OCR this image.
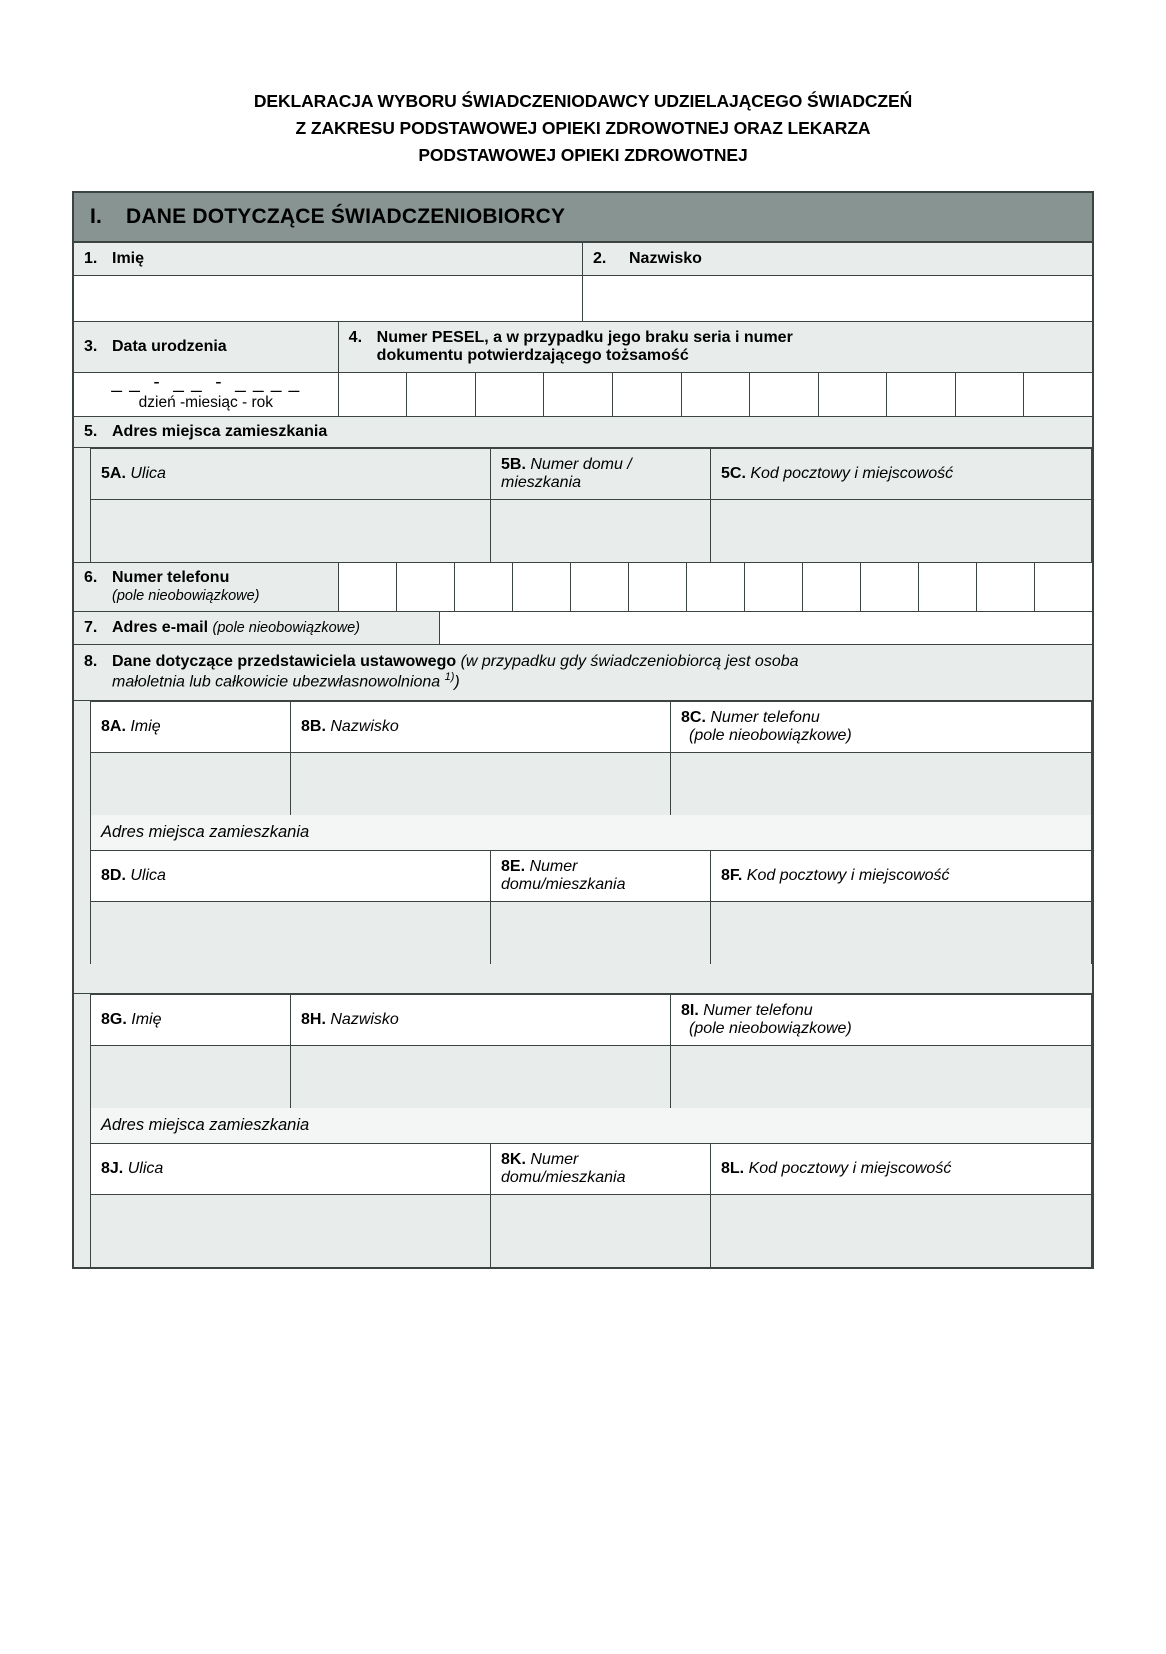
DEKLARACJA WYBORU ŚWIADCZENIODAWCY UDZIELAJĄCEGO ŚWIADCZEŃ
Z ZAKRESU PODSTAWOWEJ OPIEKI ZDROWOTNEJ ORAZ LEKARZA
PODSTAWOWEJ OPIEKI ZDROWOTNEJ
I.	DANE DOTYCZĄCE ŚWIADCZENIOBIORCY
1. Imię	2. Nazwisko
3. Data urodzenia
4. Numer PESEL, a w przypadku jego braku seria i numer
dokumentu potwierdzającego tożsamość
_ _  -  _ _  -  _ _ _ _
dzień -miesiąc - rok
5. Adres miejsca zamieszkania
5A. Ulica
5B. Numer domu / mieszkania
5C. Kod pocztowy i miejscowość
6. Numer telefonu
(pole nieobowiązkowe)
7. Adres e-mail (pole nieobowiązkowe)
8. Dane dotyczące przedstawiciela ustawowego (w przypadku gdy świadczeniobiorcą jest osoba
małoletnia lub całkowicie ubezwłasnowolniona $^{1)}$)
8A. Imię	8B. Nazwisko
8C. Numer telefonu
(pole nieobowiązkowe)
Adres miejsca zamieszkania
8D. Ulica
8E. Numer
domu/mieszkania
8F. Kod pocztowy i miejscowość
8G. Imię	8H. Nazwisko
8I. Numer telefonu
(pole nieobowiązkowe)
Adres miejsca zamieszkania
8J. Ulica
8K. Numer
domu/mieszkania
8L. Kod pocztowy i miejscowość
